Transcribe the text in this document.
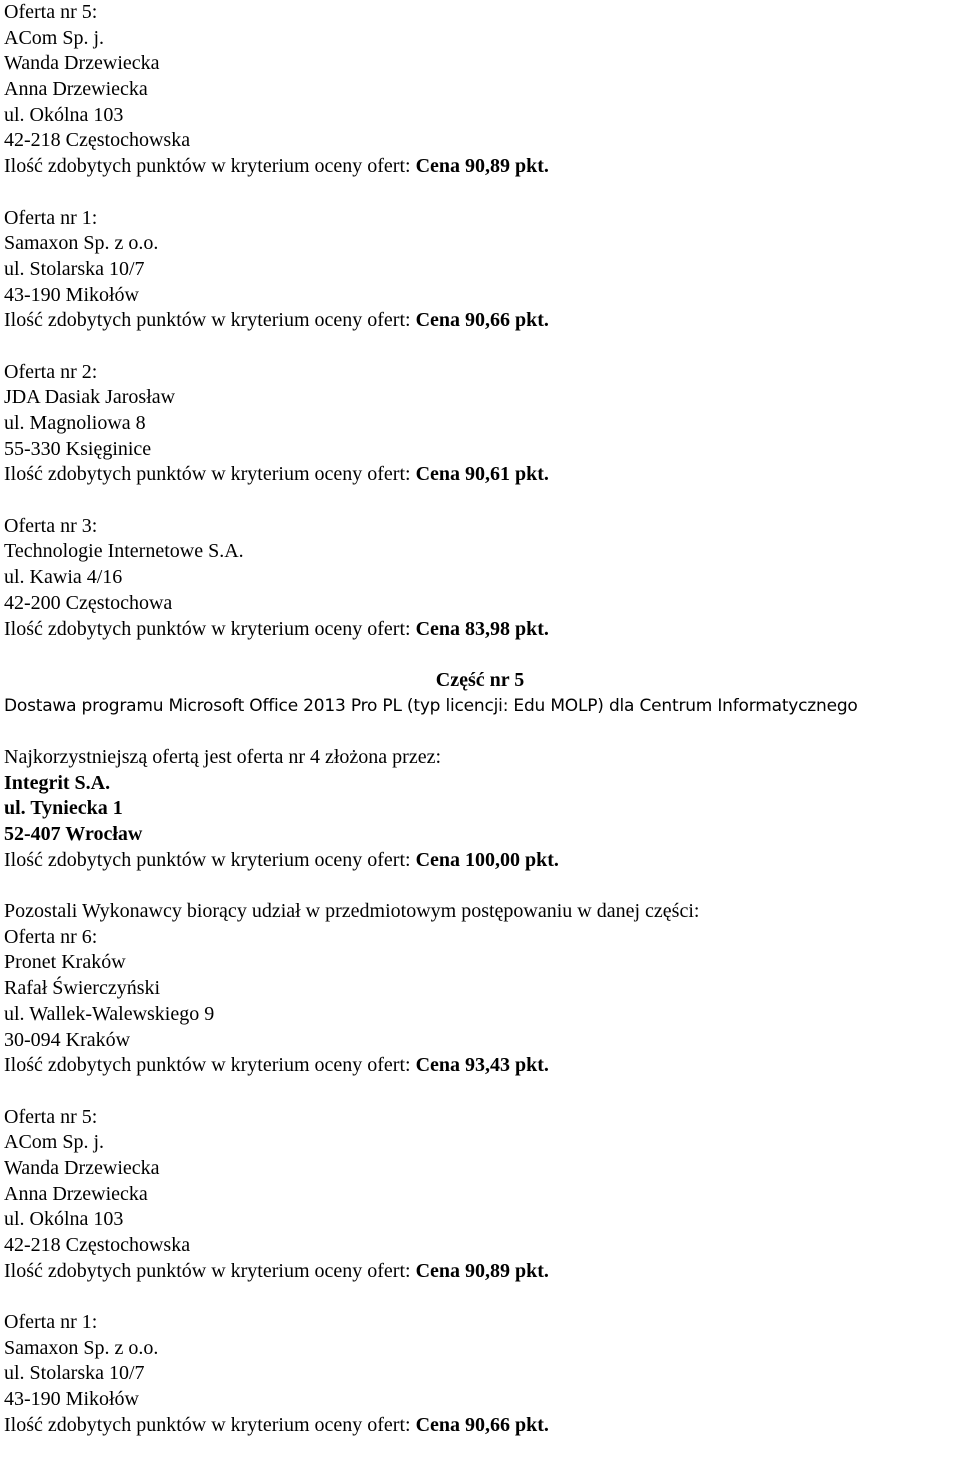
Oferta nr 5:
ACom Sp. j.
Wanda Drzewiecka
Anna Drzewiecka
ul. Okólna 103
42-218 Częstochowska
Ilość zdobytych punktów w kryterium oceny ofert: Cena 90,89 pkt.
Oferta nr 1:
Samaxon Sp. z o.o.
ul. Stolarska 10/7
43-190 Mikołów
Ilość zdobytych punktów w kryterium oceny ofert: Cena 90,66 pkt.
Oferta nr 2:
JDA Dasiak Jarosław
ul. Magnoliowa 8
55-330 Księginice
Ilość zdobytych punktów w kryterium oceny ofert: Cena 90,61 pkt.
Oferta nr 3:
Technologie Internetowe S.A.
ul. Kawia 4/16
42-200 Częstochowa
Ilość zdobytych punktów w kryterium oceny ofert: Cena 83,98 pkt.
Część nr 5
Dostawa programu Microsoft Office 2013 Pro PL (typ licencji: Edu MOLP) dla Centrum Informatycznego
Najkorzystniejszą ofertą jest oferta nr 4 złożona przez:
Integrit S.A.
ul. Tyniecka 1
52-407 Wrocław
Ilość zdobytych punktów w kryterium oceny ofert: Cena 100,00 pkt.
Pozostali Wykonawcy biorący udział w przedmiotowym postępowaniu w danej części:
Oferta nr 6:
Pronet Kraków
Rafał Świerczyński
ul. Wallek-Walewskiego 9
30-094 Kraków
Ilość zdobytych punktów w kryterium oceny ofert: Cena 93,43 pkt.
Oferta nr 5:
ACom Sp. j.
Wanda Drzewiecka
Anna Drzewiecka
ul. Okólna 103
42-218 Częstochowska
Ilość zdobytych punktów w kryterium oceny ofert: Cena 90,89 pkt.
Oferta nr 1:
Samaxon Sp. z o.o.
ul. Stolarska 10/7
43-190 Mikołów
Ilość zdobytych punktów w kryterium oceny ofert: Cena 90,66 pkt.
